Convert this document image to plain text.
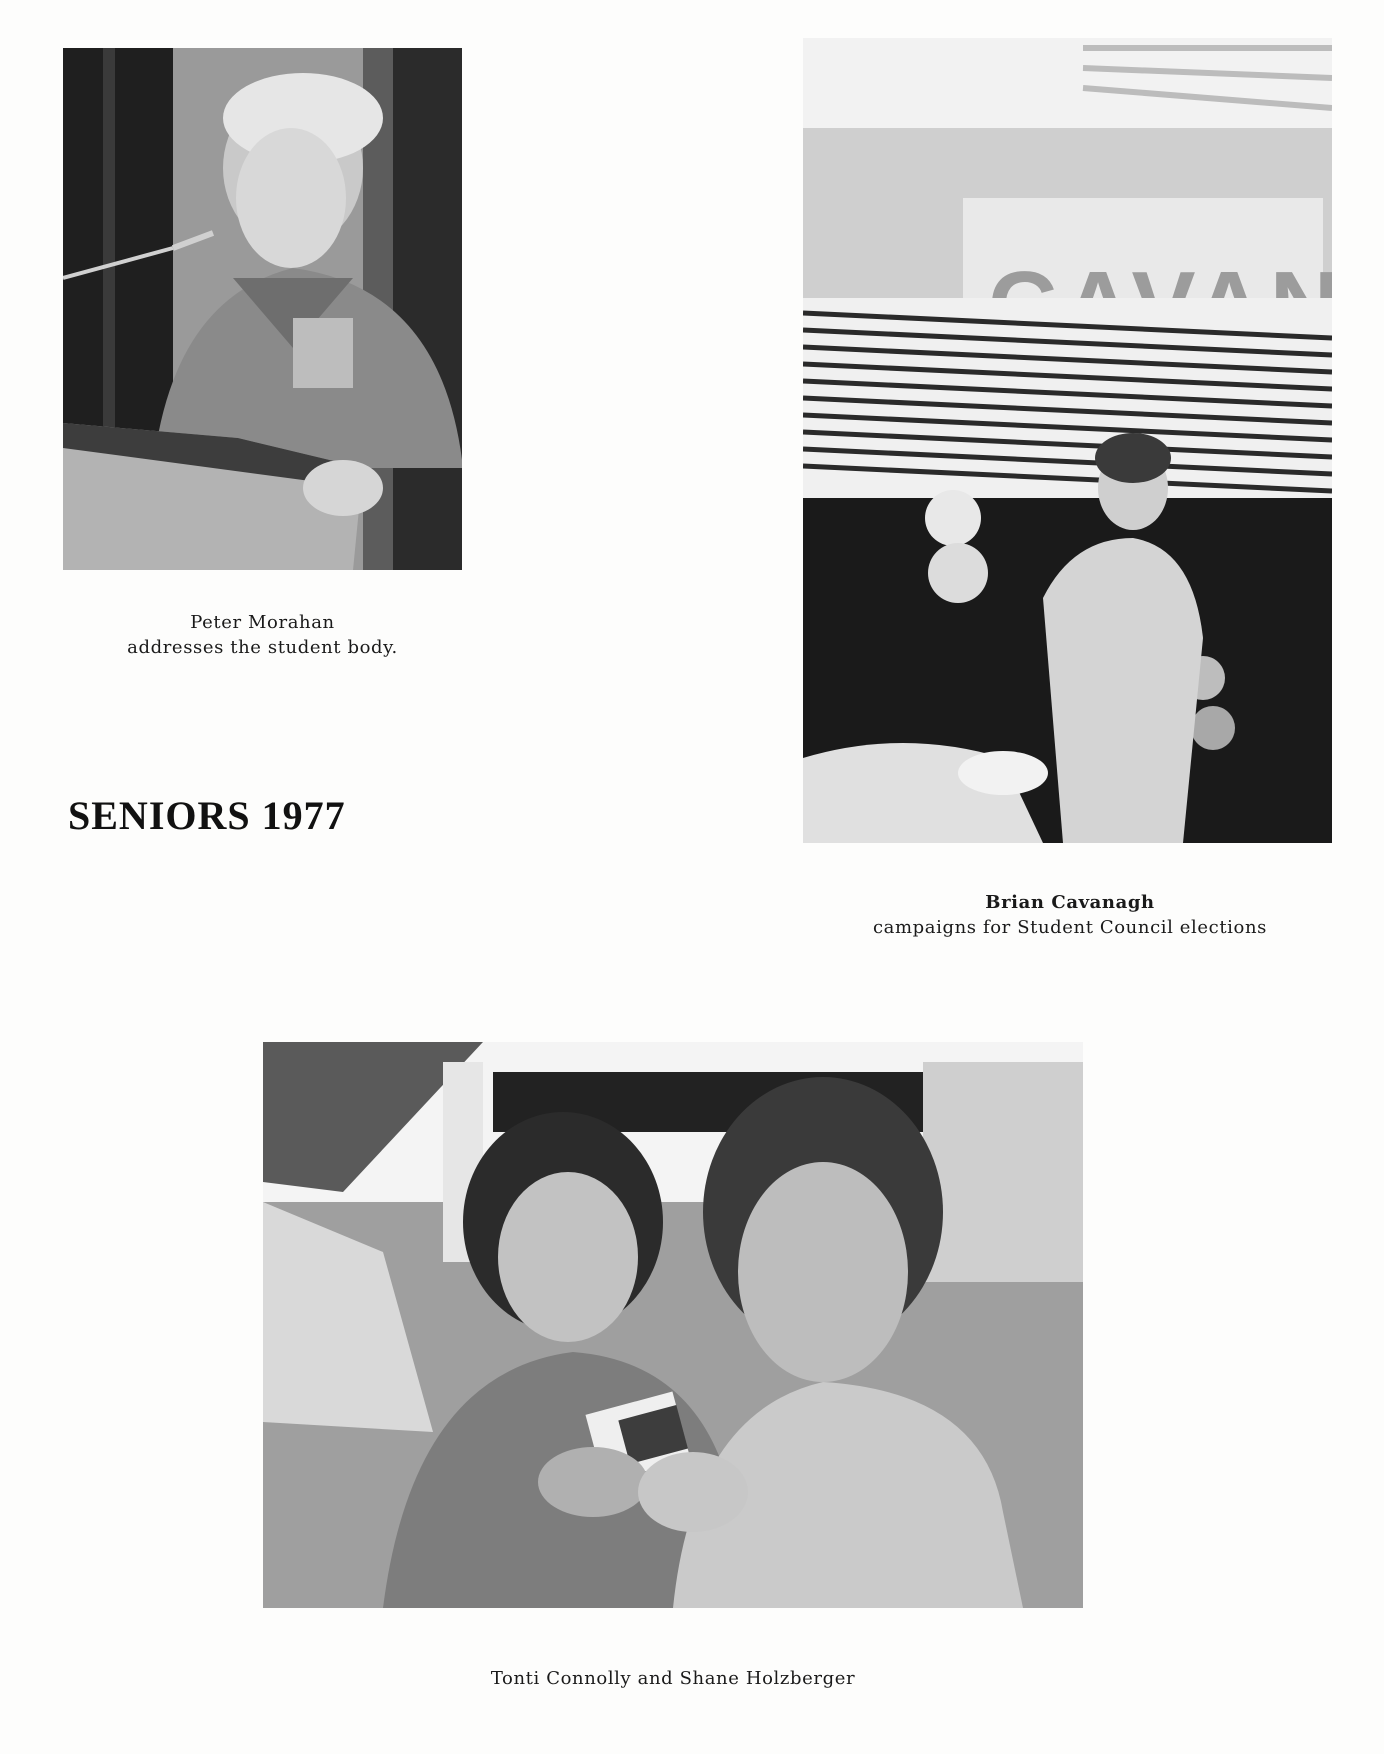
Peter Morahan
addresses the student body.
SENIORS 1977
Brian Cavanagh
campaigns for Student Council elections
Tonti Connolly and Shane Holzberger
